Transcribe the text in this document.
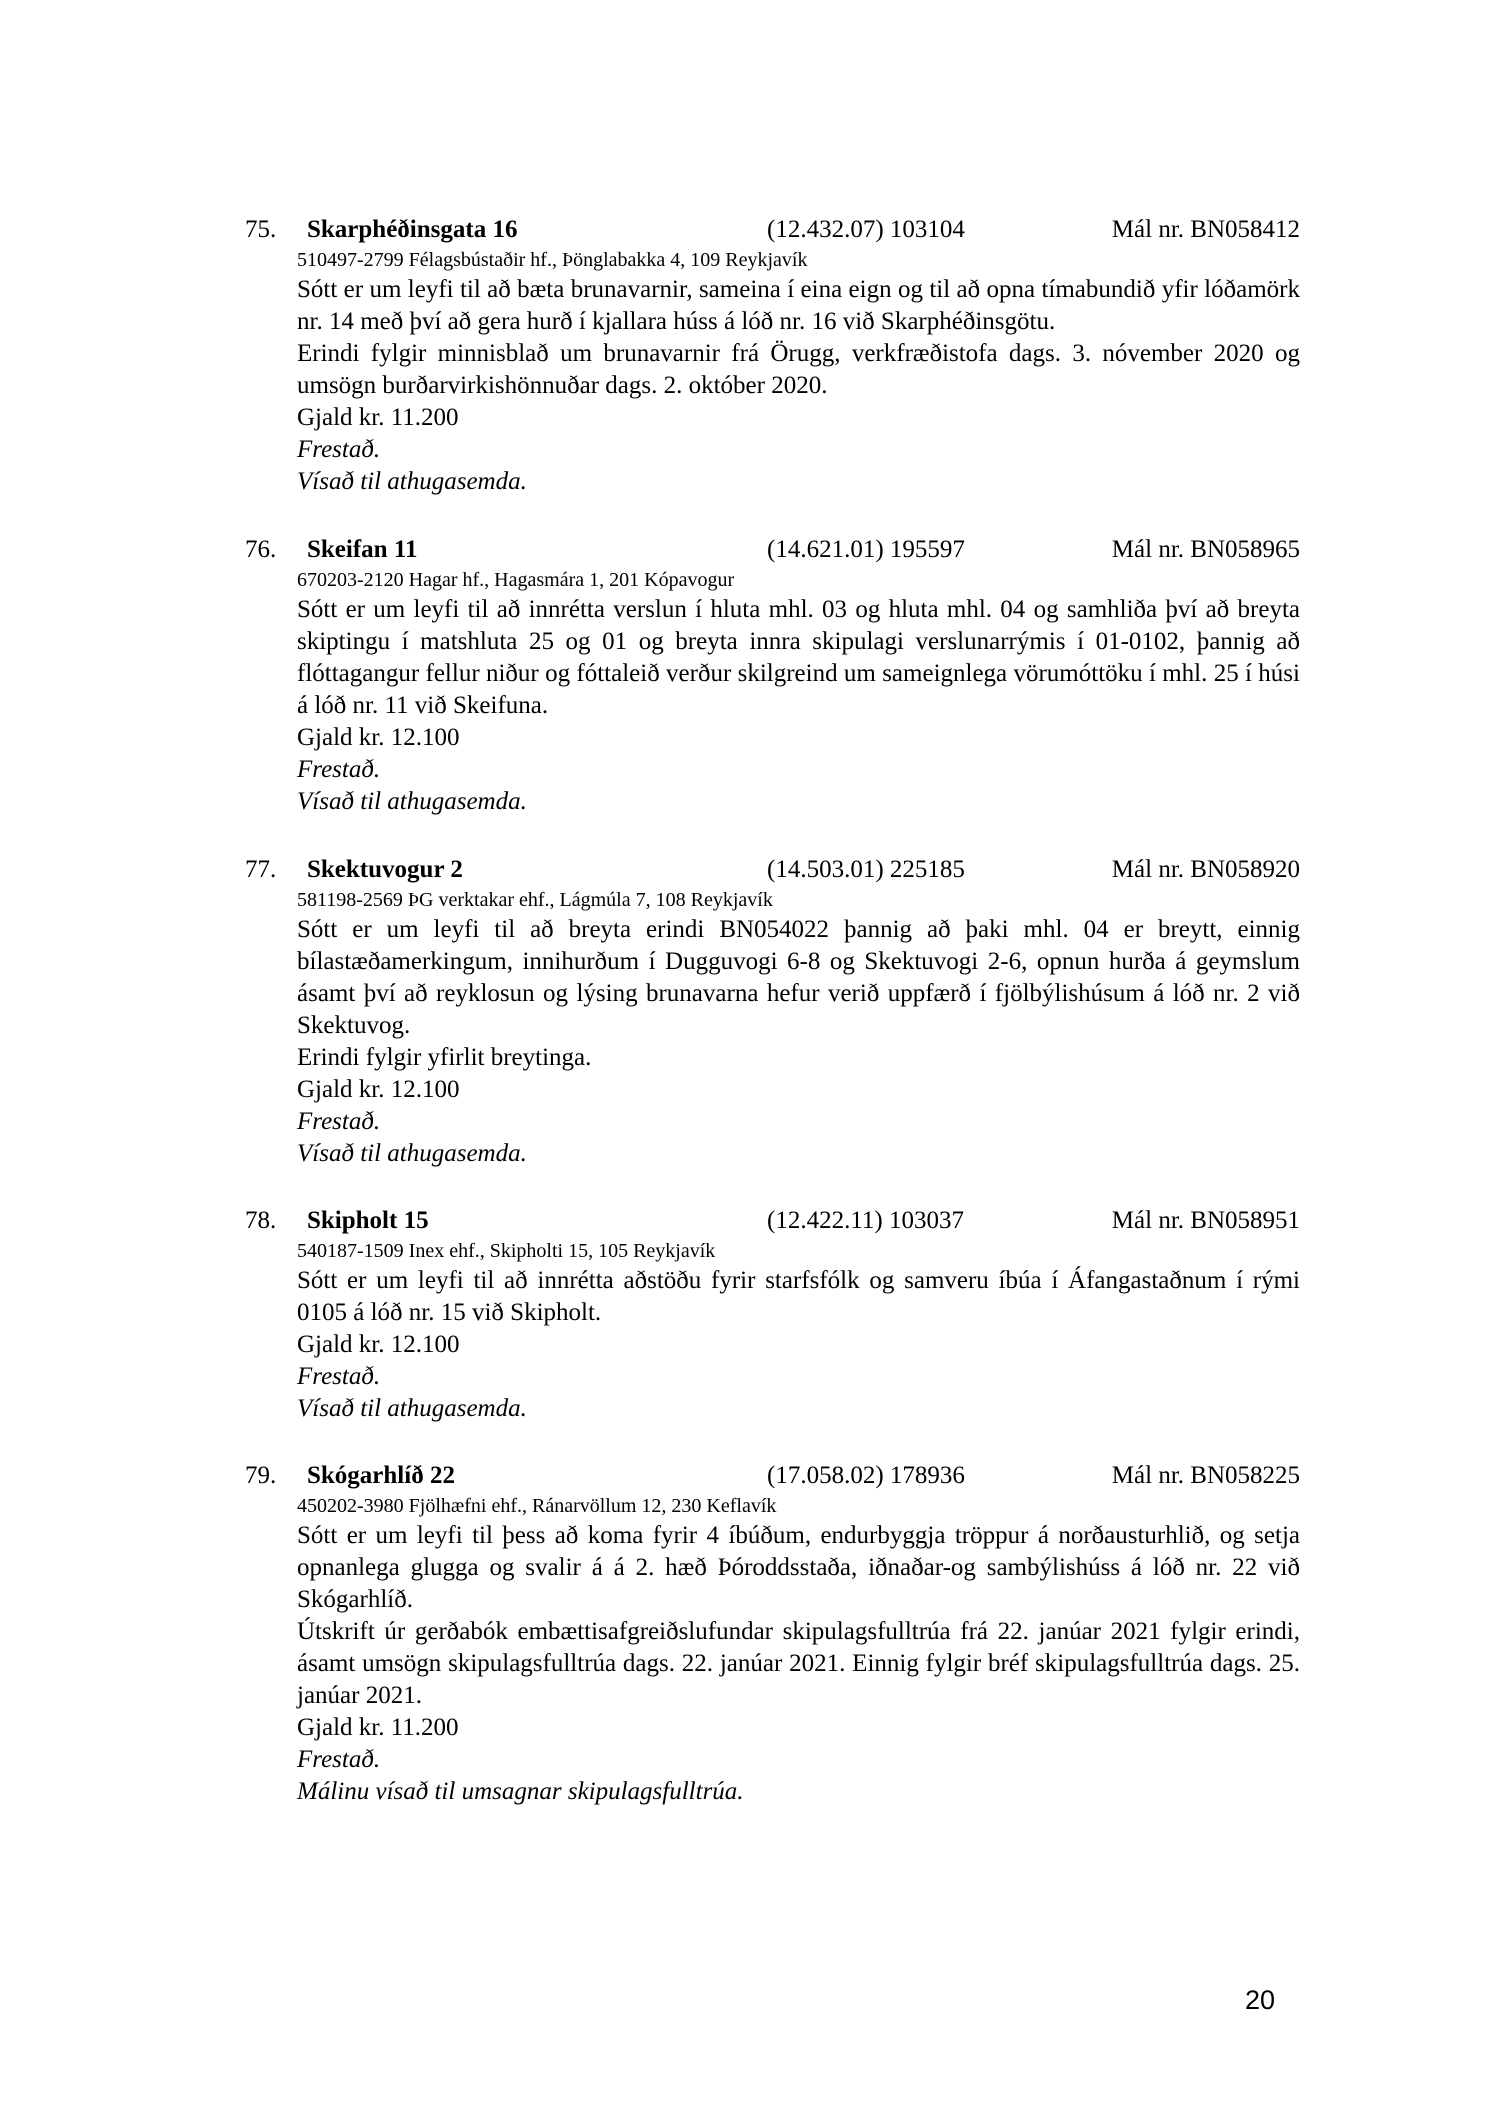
75. Skarphéðinsgata 16	(12.432.07) 103104	Mál nr. BN058412
510497-2799 Félagsbústaðir hf., Þönglabakka 4, 109 Reykjavík
Sótt er um leyfi til að bæta brunavarnir, sameina í eina eign og til að opna tímabundið yfir lóðamörk nr. 14 með því að gera hurð í kjallara húss á lóð nr. 16 við Skarphéðinsgötu.
Erindi fylgir minnisblað um brunavarnir frá Örugg, verkfræðistofa dags. 3. nóvember 2020 og umsögn burðarvirkishönnuðar dags. 2. október 2020.
Gjald kr. 11.200
Frestað.
Vísað til athugasemda.
76. Skeifan 11	(14.621.01) 195597	Mál nr. BN058965
670203-2120 Hagar hf., Hagasmára 1, 201 Kópavogur
Sótt er um leyfi til að innrétta verslun í hluta mhl. 03 og hluta mhl. 04 og samhliða því að breyta skiptingu í matshluta 25 og 01 og breyta innra skipulagi verslunarrýmis í 01-0102, þannig að flóttagangur fellur niður og fóttaleið verður skilgreind um sameignlega vörumóttöku í mhl. 25 í húsi á lóð nr. 11 við Skeifuna.
Gjald kr. 12.100
Frestað.
Vísað til athugasemda.
77. Skektuvogur 2	(14.503.01) 225185	Mál nr. BN058920
581198-2569 ÞG verktakar ehf., Lágmúla 7, 108 Reykjavík
Sótt er um leyfi til að breyta erindi BN054022 þannig að þaki mhl. 04 er breytt, einnig bílastæðamerkingum, innihurðum í Dugguvogi 6-8 og Skektuvogi 2-6, opnun hurða á geymslum ásamt því að reyklosun og lýsing brunavarna hefur verið uppfærð í fjölbýlishúsum á lóð nr. 2 við Skektuvog.
Erindi fylgir yfirlit breytinga.
Gjald kr. 12.100
Frestað.
Vísað til athugasemda.
78. Skipholt 15	(12.422.11) 103037	Mál nr. BN058951
540187-1509 Inex ehf., Skipholti 15, 105 Reykjavík
Sótt er um leyfi til að innrétta aðstöðu fyrir starfsfólk og samveru íbúa í Áfangastaðnum í rými 0105 á lóð nr. 15 við Skipholt.
Gjald kr. 12.100
Frestað.
Vísað til athugasemda.
79. Skógarhlíð 22	(17.058.02) 178936	Mál nr. BN058225
450202-3980 Fjölhæfni ehf., Ránarvöllum 12, 230 Keflavík
Sótt er um leyfi til þess að koma fyrir 4 íbúðum, endurbyggja tröppur á norðausturhlið, og setja opnanlega glugga og svalir á á 2. hæð Þóroddsstaða, iðnaðar-og sambýlishúss á lóð nr. 22 við Skógarhlíð.
Útskrift úr gerðabók embættisafgreiðslufundar skipulagsfulltrúa frá 22. janúar 2021 fylgir erindi, ásamt umsögn skipulagsfulltrúa dags. 22. janúar 2021. Einnig fylgir bréf skipulagsfulltrúa dags. 25. janúar 2021.
Gjald kr. 11.200
Frestað.
Málinu vísað til umsagnar skipulagsfulltrúa.
20
